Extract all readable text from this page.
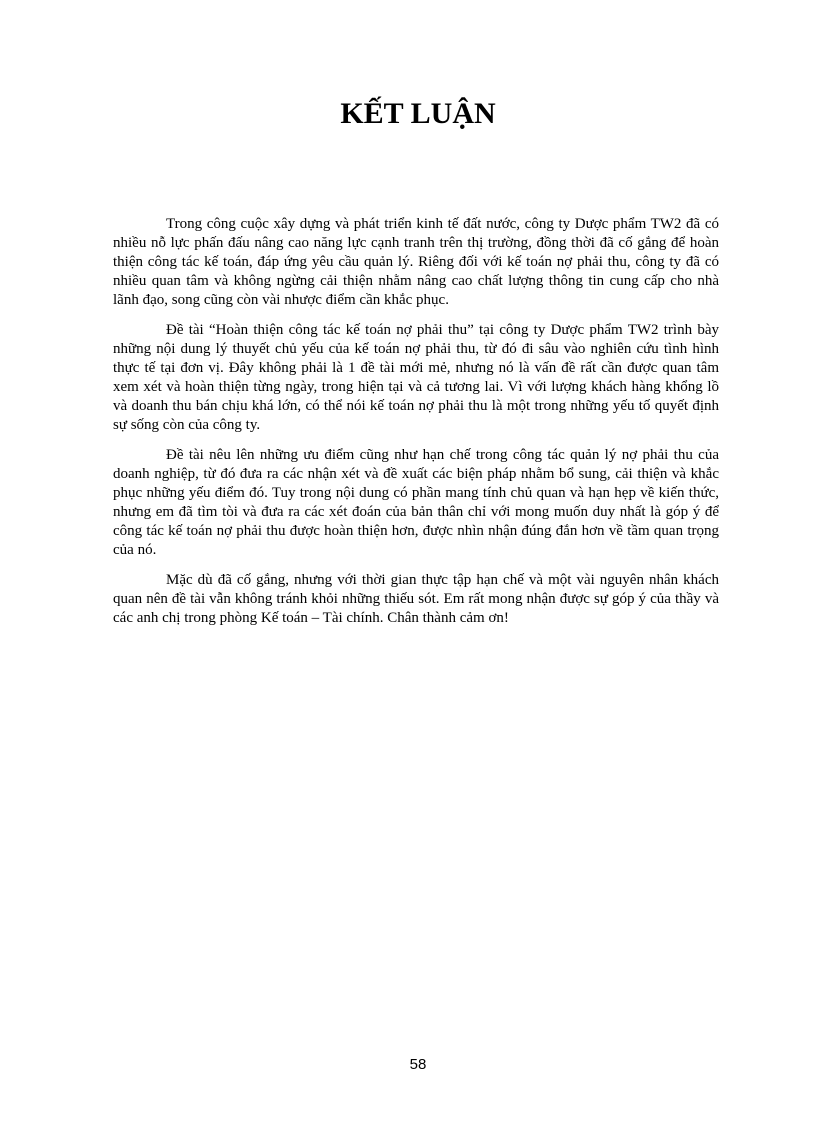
KẾT LUẬN

Trong công cuộc xây dựng và phát triển kinh tế đất nước, công ty Dược phẩm TW2 đã có nhiều nỗ lực phấn đấu nâng cao năng lực cạnh tranh trên thị trường, đồng thời đã cố gắng để hoàn thiện công tác kế toán, đáp ứng yêu cầu quản lý. Riêng đối với kế toán nợ phải thu, công ty đã có nhiều quan tâm và không ngừng cải thiện nhằm nâng cao chất lượng thông tin cung cấp cho nhà lãnh đạo, song cũng còn vài nhược điểm cần khắc phục.

Đề tài “Hoàn thiện công tác kế toán nợ phải thu” tại công ty Dược phẩm TW2 trình bày những nội dung lý thuyết chủ yếu của kế toán nợ phải thu, từ đó đi sâu vào nghiên cứu tình hình thực tế tại đơn vị. Đây không phải là 1 đề tài mới mẻ, nhưng nó là vấn đề rất cần được quan tâm xem xét và hoàn thiện từng ngày, trong hiện tại và cả tương lai. Vì với lượng khách hàng khổng lồ và doanh thu bán chịu khá lớn, có thể nói kế toán nợ phải thu là một trong những yếu tố quyết định sự sống còn của công ty.

Đề tài nêu lên những ưu điểm cũng như hạn chế trong công tác quản lý nợ phải thu của doanh nghiệp, từ đó đưa ra các nhận xét và đề xuất các biện pháp nhằm bổ sung, cải thiện và khắc phục những yếu điểm đó. Tuy trong nội dung có phần mang tính chủ quan và hạn hẹp về kiến thức, nhưng em đã tìm tòi và đưa ra các xét đoán của bản thân chỉ với mong muốn duy nhất là góp ý để công tác kế toán nợ phải thu được hoàn thiện hơn, được nhìn nhận đúng đắn hơn về tầm quan trọng của nó.

Mặc dù đã cố gắng, nhưng với thời gian thực tập hạn chế và một vài nguyên nhân khách quan nên đề tài vẫn không tránh khỏi những thiếu sót. Em rất mong nhận được sự góp ý của thầy và các anh chị trong phòng Kế toán – Tài chính. Chân thành cảm ơn!

58
